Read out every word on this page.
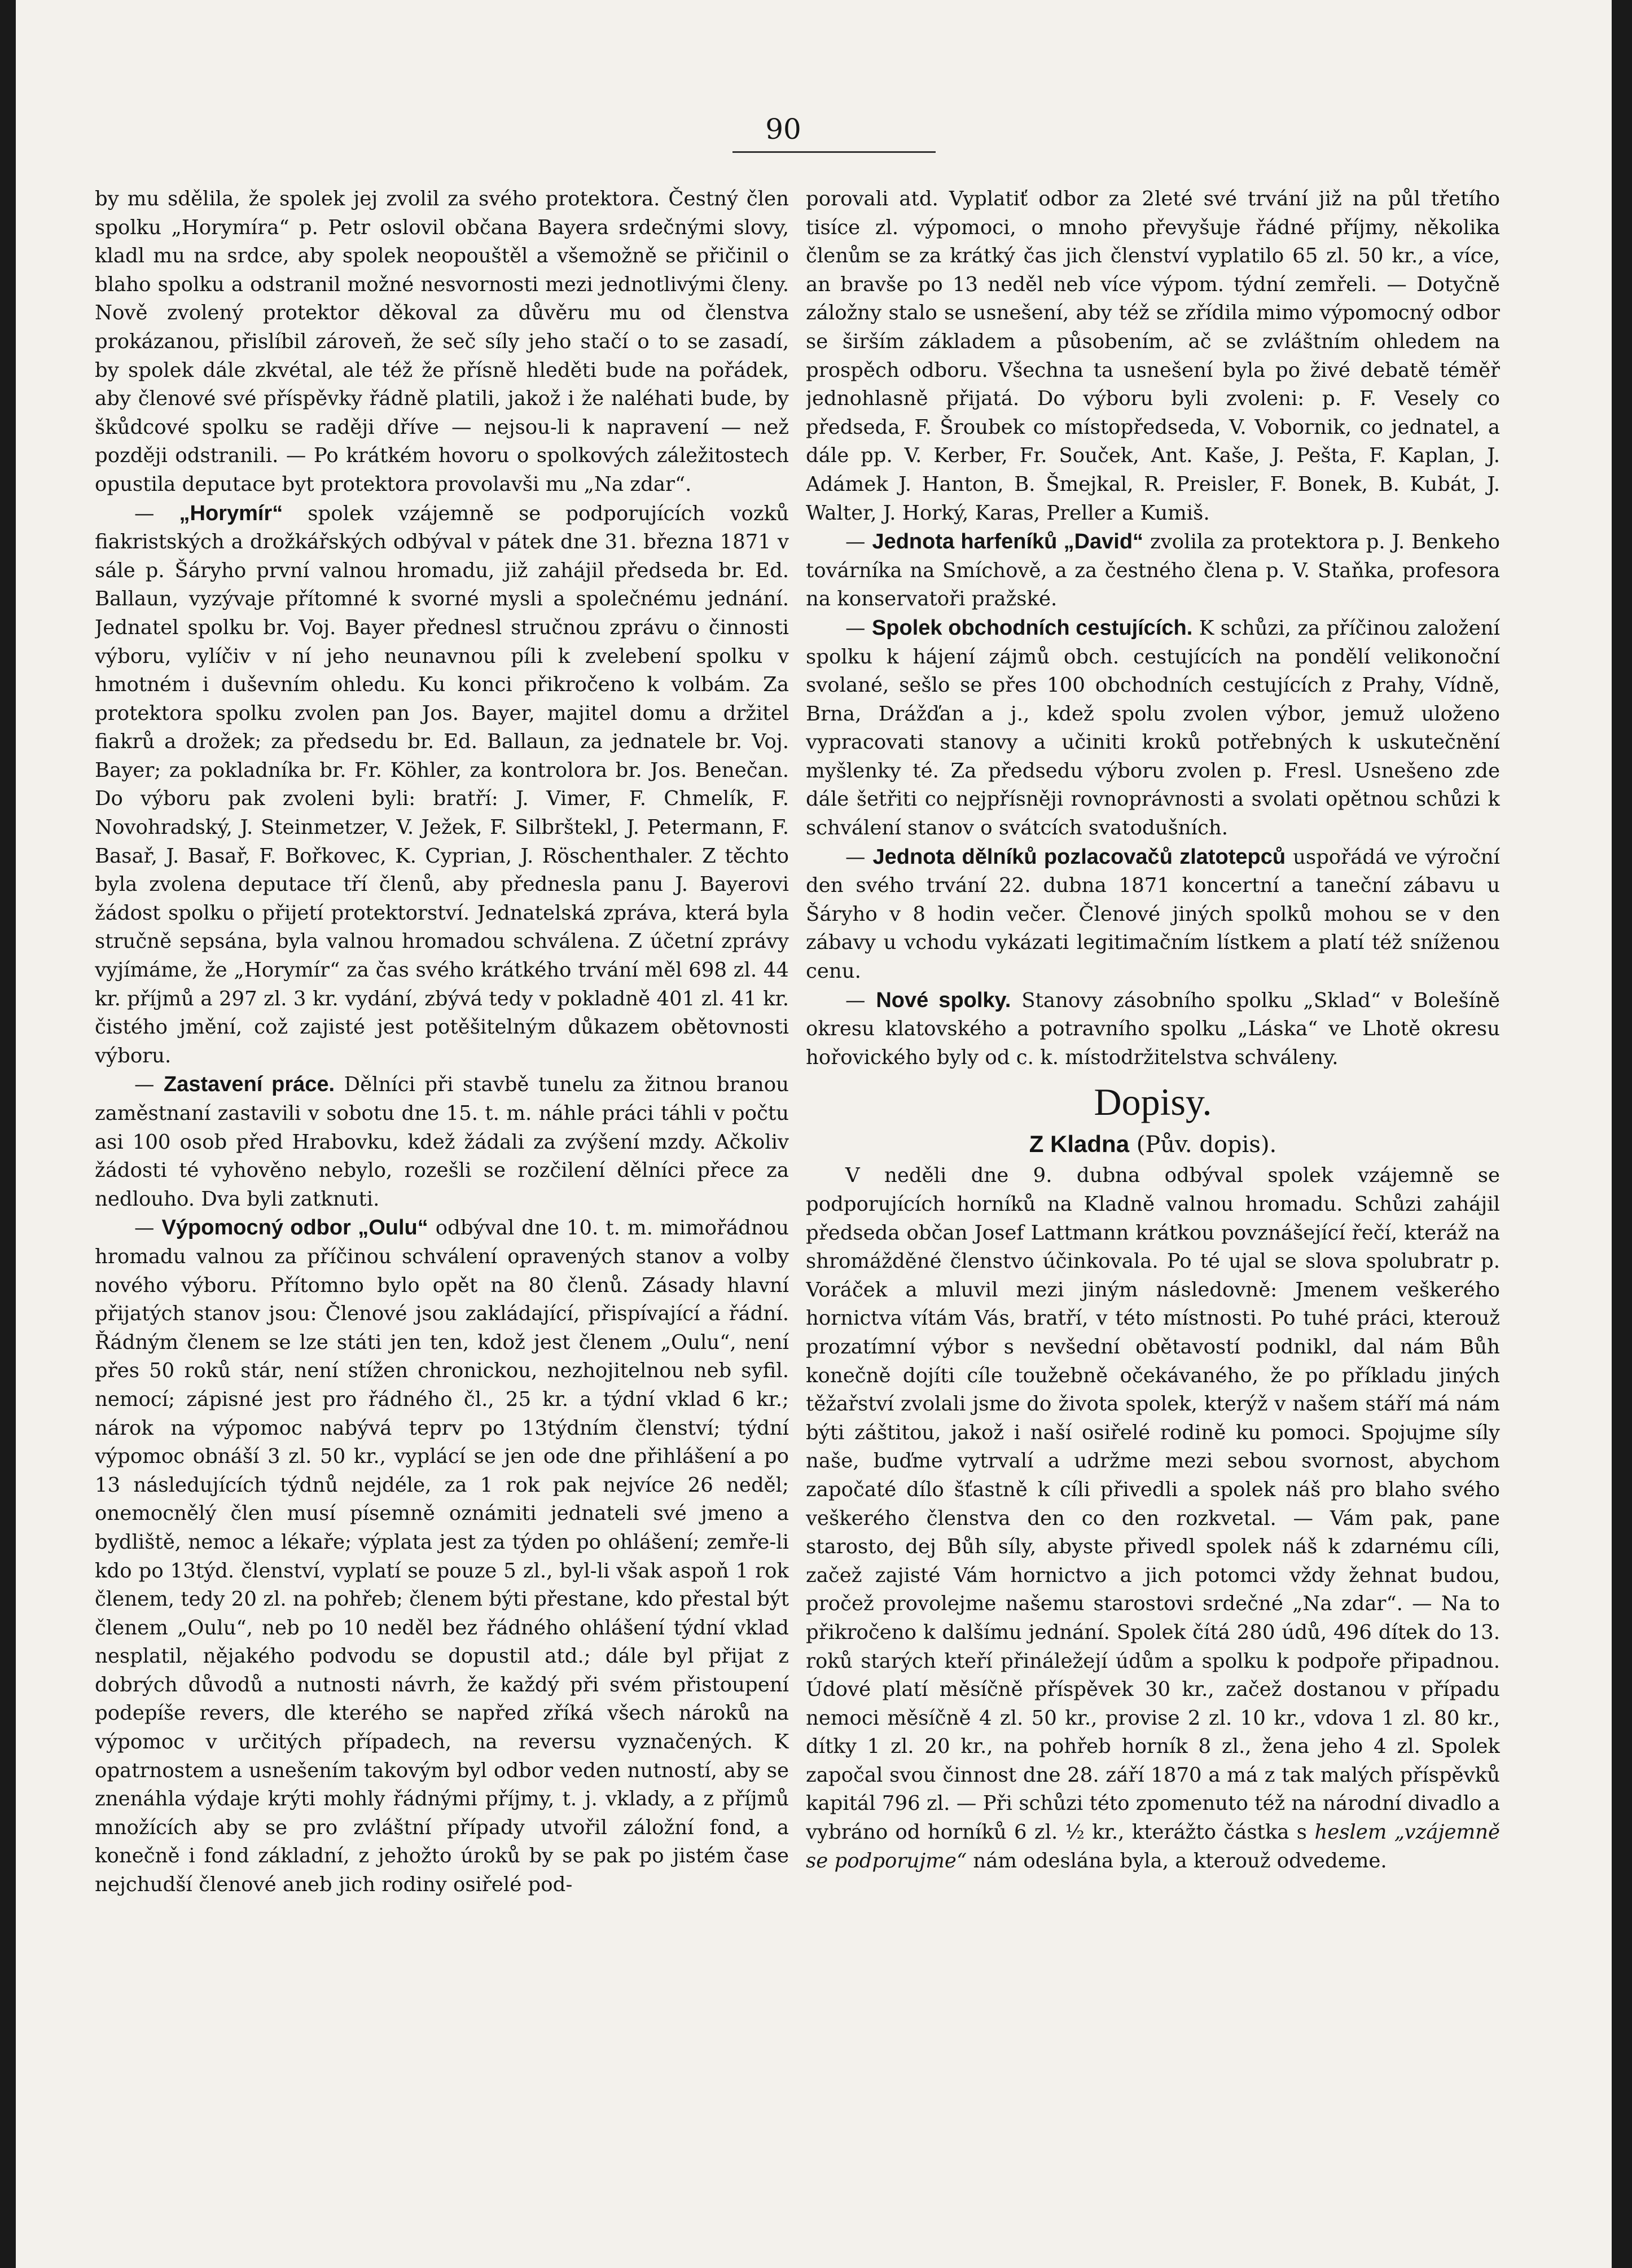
90

by mu sdělila, že spolek jej zvolil za svého protektora. Čestný člen spolku „Horymíra“ p. Petr oslovil občana Bayera srdečnými slovy, kladl mu na srdce, aby spolek neopouštěl a všemožně se přičinil o blaho spolku a odstranil možné nesvornosti mezi jednotlivými členy. Nově zvolený protektor děkoval za důvěru mu od členstva prokázanou, přislíbil zároveň, že seč síly jeho stačí o to se zasadí, by spolek dále zkvétal, ale též že přísně hleděti bude na pořádek, aby členové své příspěvky řádně platili, jakož i že naléhati bude, by škůdcové spolku se raději dříve — nejsou-li k napravení — než později odstranili. — Po krátkém hovoru o spolkových záležitostech opustila deputace byt protektora provolavši mu „Na zdar“.

— „Horymír“ spolek vzájemně se podporujících vozků fiakristských a drožkářských odbýval v pátek dne 31. března 1871 v sále p. Šáryho první valnou hromadu, již zahájil předseda br. Ed. Ballaun, vyzývaje přítomné k svorné mysli a společnému jednání. Jednatel spolku br. Voj. Bayer přednesl stručnou zprávu o činnosti výboru, vylíčiv v ní jeho neunavnou píli k zvelebení spolku v hmotném i duševním ohledu. Ku konci přikročeno k volbám. Za protektora spolku zvolen pan Jos. Bayer, majitel domu a držitel fiakrů a drožek; za předsedu br. Ed. Ballaun, za jednatele br. Voj. Bayer; za pokladníka br. Fr. Köhler, za kontrolora br. Jos. Benečan. Do výboru pak zvoleni byli: bratří: J. Vimer, F. Chmelík, F. Novohradský, J. Steinmetzer, V. Ježek, F. Silbrštekl, J. Petermann, F. Basař, J. Basař, F. Bořkovec, K. Cyprian, J. Röschenthaler. Z těchto byla zvolena deputace tří členů, aby přednesla panu J. Bayerovi žádost spolku o přijetí protektorství. Jednatelská zpráva, která byla stručně sepsána, byla valnou hromadou schválena. Z účetní zprávy vyjímáme, že „Horymír“ za čas svého krátkého trvání měl 698 zl. 44 kr. příjmů a 297 zl. 3 kr. vydání, zbývá tedy v pokladně 401 zl. 41 kr. čistého jmění, což zajisté jest potěšitelným důkazem obětovnosti výboru.

— Zastavení práce. Dělníci při stavbě tunelu za žitnou branou zaměstnaní zastavili v sobotu dne 15. t. m. náhle práci táhli v počtu asi 100 osob před Hrabovku, kdež žádali za zvýšení mzdy. Ačkoliv žádosti té vyhověno nebylo, rozešli se rozčilení dělníci přece za nedlouho. Dva byli zatknuti.

— Výpomocný odbor „Oulu“ odbýval dne 10. t. m. mimořádnou hromadu valnou za příčinou schválení opravených stanov a volby nového výboru. Přítomno bylo opět na 80 členů. Zásady hlavní přijatých stanov jsou: Členové jsou zakládající, přispívající a řádní. Řádným členem se lze státi jen ten, kdož jest členem „Oulu“, není přes 50 roků stár, není stížen chronickou, nezhojitelnou neb syfil. nemocí; zápisné jest pro řádného čl., 25 kr. a týdní vklad 6 kr.; nárok na výpomoc nabývá teprv po 13týdním členství; týdní výpomoc obnáší 3 zl. 50 kr., vyplácí se jen ode dne přihlášení a po 13 následujících týdnů nejdéle, za 1 rok pak nejvíce 26 neděl; onemocnělý člen musí písemně oznámiti jednateli své jmeno a bydliště, nemoc a lékaře; výplata jest za týden po ohlášení; zemře-li kdo po 13týd. členství, vyplatí se pouze 5 zl., byl-li však aspoň 1 rok členem, tedy 20 zl. na pohřeb; členem býti přestane, kdo přestal být členem „Oulu“, neb po 10 neděl bez řádného ohlášení týdní vklad nesplatil, nějakého podvodu se dopustil atd.; dále byl přijat z dobrých důvodů a nutnosti návrh, že každý při svém přistoupení podepíše revers, dle kterého se napřed zříká všech nároků na výpomoc v určitých případech, na reversu vyznačených. K opatrnostem a usnešením takovým byl odbor veden nutností, aby se znenáhla výdaje krýti mohly řádnými příjmy, t. j. vklady, a z příjmů množících aby se pro zvláštní případy utvořil záložní fond, a konečně i fond základní, z jehožto úroků by se pak po jistém čase nejchudší členové aneb jich rodiny osiřelé pod-

porovali atd. Vyplatiť odbor za 2leté své trvání již na půl třetího tisíce zl. výpomoci, o mnoho převyšuje řádné příjmy, několika členům se za krátký čas jich členství vyplatilo 65 zl. 50 kr., a více, an bravše po 13 neděl neb více výpom. týdní zemřeli. — Dotyčně záložny stalo se usnešení, aby též se zřídila mimo výpomocný odbor se širším základem a působením, ač se zvláštním ohledem na prospěch odboru. Všechna ta usnešení byla po živé debatě téměř jednohlasně přijatá. Do výboru byli zvoleni: p. F. Vesely co předseda, F. Šroubek co místopředseda, V. Vobornik, co jednatel, a dále pp. V. Kerber, Fr. Souček, Ant. Kaše, J. Pešta, F. Kaplan, J. Adámek J. Hanton, B. Šmejkal, R. Preisler, F. Bonek, B. Kubát, J. Walter, J. Horký, Karas, Preller a Kumiš.

— Jednota harfeníků „David“ zvolila za protektora p. J. Benkeho továrníka na Smíchově, a za čestného člena p. V. Staňka, profesora na konservatoři pražské.

— Spolek obchodních cestujících. K schůzi, za příčinou založení spolku k hájení zájmů obch. cestujících na pondělí velikonoční svolané, sešlo se přes 100 obchodních cestujících z Prahy, Vídně, Brna, Drážďan a j., kdež spolu zvolen výbor, jemuž uloženo vypracovati stanovy a učiniti kroků potřebných k uskutečnění myšlenky té. Za předsedu výboru zvolen p. Fresl. Usnešeno zde dále šetřiti co nejpřísněji rovnoprávnosti a svolati opětnou schůzi k schválení stanov o svátcích svatodušních.

— Jednota dělníků pozlacovačů zlatotepců uspořádá ve výroční den svého trvání 22. dubna 1871 koncertní a taneční zábavu u Šáryho v 8 hodin večer. Členové jiných spolků mohou se v den zábavy u vchodu vykázati legitimačním lístkem a platí též sníženou cenu.

— Nové spolky. Stanovy zásobního spolku „Sklad“ v Bolešíně okresu klatovského a potravního spolku „Láska“ ve Lhotě okresu hořovického byly od c. k. místodržitelstva schváleny.

Dopisy.
Z Kladna (Pův. dopis).

V neděli dne 9. dubna odbýval spolek vzájemně se podporujících horníků na Kladně valnou hromadu. Schůzi zahájil předseda občan Josef Lattmann krátkou povznášející řečí, kteráž na shromážděné členstvo účinkovala. Po té ujal se slova spolubratr p. Voráček a mluvil mezi jiným následovně: Jmenem veškerého hornictva vítám Vás, bratří, v této místnosti. Po tuhé práci, kterouž prozatímní výbor s nevšední obětavostí podnikl, dal nám Bůh konečně dojíti cíle toužebně očekávaného, že po příkladu jiných těžařství zvolali jsme do života spolek, kterýž v našem stáří má nám býti záštitou, jakož i naší osiřelé rodině ku pomoci. Spojujme síly naše, buďme vytrvalí a udržme mezi sebou svornost, abychom započaté dílo šťastně k cíli přivedli a spolek náš pro blaho svého veškerého členstva den co den rozkvetal. — Vám pak, pane starosto, dej Bůh síly, abyste přivedl spolek náš k zdarnému cíli, začež zajisté Vám hornictvo a jich potomci vždy žehnat budou, pročež provolejme našemu starostovi srdečné „Na zdar“. — Na to přikročeno k dalšímu jednání. Spolek čítá 280 údů, 496 dítek do 13. roků starých kteří přináležejí údům a spolku k podpoře připadnou. Údové platí měsíčně příspěvek 30 kr., začež dostanou v případu nemoci měsíčně 4 zl. 50 kr., provise 2 zl. 10 kr., vdova 1 zl. 80 kr., dítky 1 zl. 20 kr., na pohřeb horník 8 zl., žena jeho 4 zl. Spolek započal svou činnost dne 28. září 1870 a má z tak malých příspěvků kapitál 796 zl. — Při schůzi této zpomenuto též na národní divadlo a vybráno od horníků 6 zl. ½ kr., kterážto částka s heslem „vzájemně se podporujme“ nám odeslána byla, a kterouž odvedeme.
